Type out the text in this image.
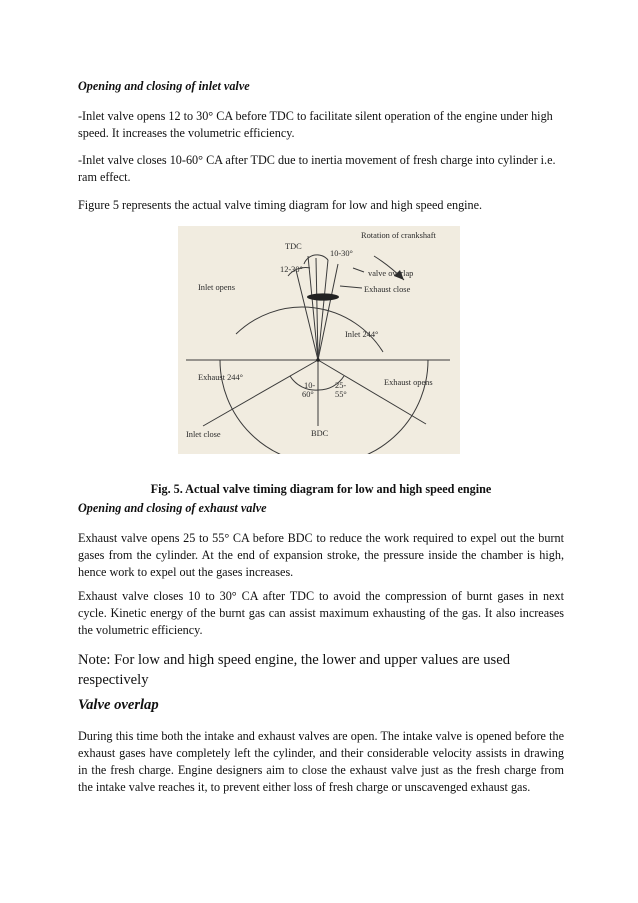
Opening and closing of inlet valve

-Inlet valve opens 12 to 30° CA before TDC to facilitate silent operation of the engine under high speed. It increases the volumetric efficiency.

-Inlet valve closes 10-60° CA after TDC due to inertia movement of fresh charge into cylinder i.e. ram effect.

Figure 5 represents the actual valve timing diagram for low and high speed engine.

TDC
Rotation of crankshaft
10-30°
12-30°
Inlet opens
valve overlap
Exhaust close
Inlet 244°
Exhaust 244°
10-
60°
25-
55°
Exhaust opens
Inlet close	BDC

Fig. 5. Actual valve timing diagram for low and high speed engine

Opening and closing of exhaust valve

Exhaust valve opens 25 to 55° CA before BDC to reduce the work required to expel out the burnt gases from the cylinder. At the end of expansion stroke, the pressure inside the chamber is high, hence work to expel out the gases increases.

Exhaust valve closes 10 to 30° CA after TDC to avoid the compression of burnt gases in next cycle. Kinetic energy of the burnt gas can assist maximum exhausting of the gas. It also increases the volumetric efficiency.

Note: For low and high speed engine, the lower and upper values are used respectively

Valve overlap

During this time both the intake and exhaust valves are open. The intake valve is opened before the exhaust gases have completely left the cylinder, and their considerable velocity assists in drawing in the fresh charge. Engine designers aim to close the exhaust valve just as the fresh charge from the intake valve reaches it, to prevent either loss of fresh charge or unscavenged exhaust gas.
